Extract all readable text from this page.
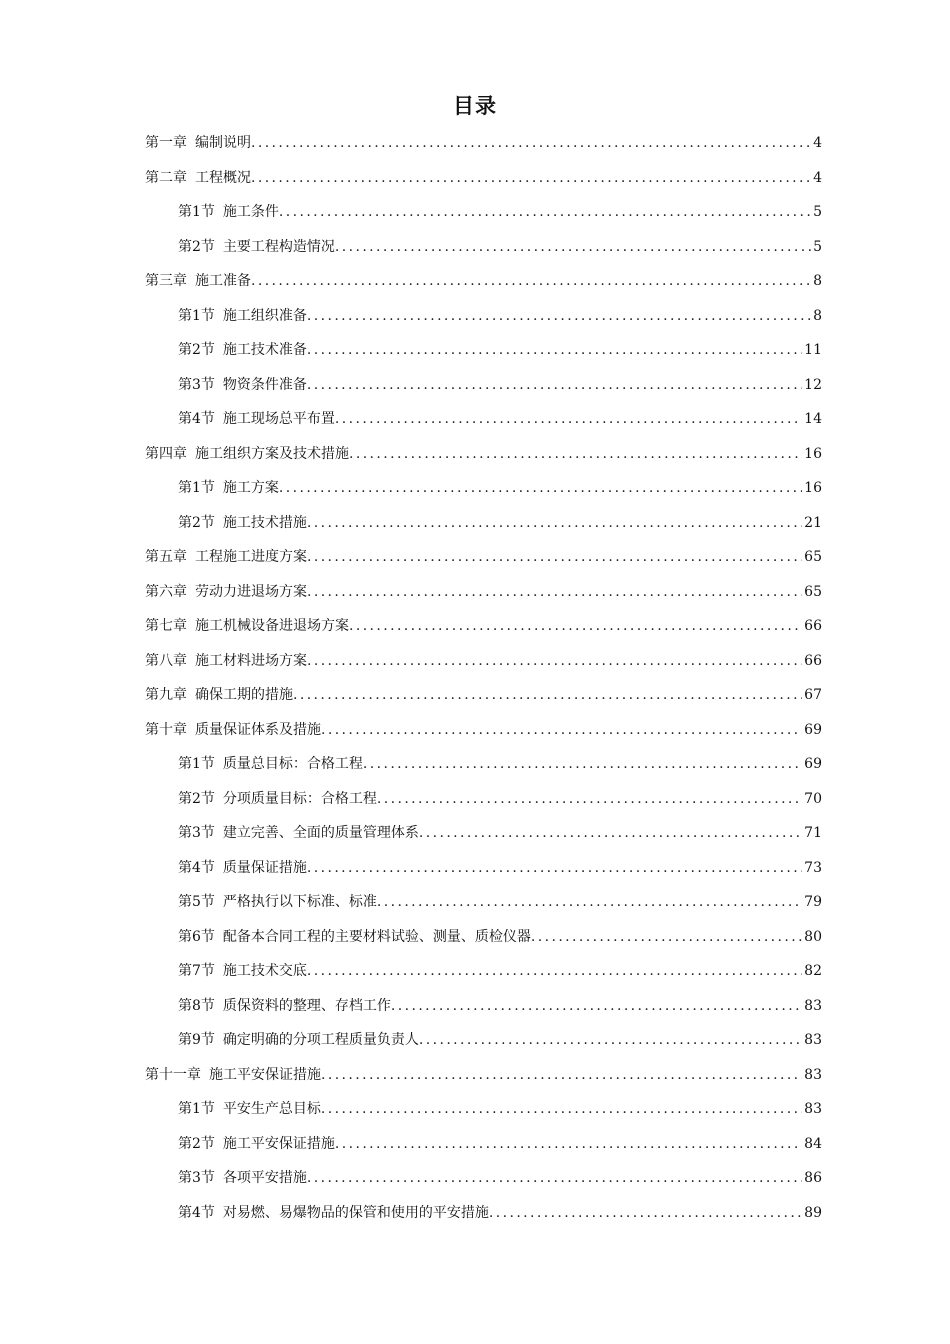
目录
第一章 编制说明 .....	4
第二章 工程概况 .....	4
第1节 施工条件 .....	5
第2节 主要工程构造情况 .....	5
第三章 施工准备 .....	8
第1节 施工组织准备 .....	8
第2节 施工技术准备 .....	11
第3节 物资条件准备 .....	12
第4节 施工现场总平布置 .....	14
第四章 施工组织方案及技术措施 .....	16
第1节 施工方案 .....	16
第2节 施工技术措施 .....	21
第五章 工程施工进度方案 .....	65
第六章 劳动力进退场方案 .....	65
第七章 施工机械设备进退场方案 .....	66
第八章 施工材料进场方案 .....	66
第九章 确保工期的措施 .....	67
第十章 质量保证体系及措施 .....	69
第1节 质量总目标：合格工程 .....	69
第2节 分项质量目标：合格工程 .....	70
第3节 建立完善、全面的质量管理体系 .....	71
第4节 质量保证措施 .....	73
第5节 严格执行以下标准、标准 .....	79
第6节 配备本合同工程的主要材料试验、测量、质检仪器 .....	80
第7节 施工技术交底 .....	82
第8节 质保资料的整理、存档工作 .....	83
第9节 确定明确的分项工程质量负责人 .....	83
第十一章 施工平安保证措施 .....	83
第1节 平安生产总目标 .....	83
第2节 施工平安保证措施 .....	84
第3节 各项平安措施 .....	86
第4节 对易燃、易爆物品的保管和使用的平安措施 .....	89
